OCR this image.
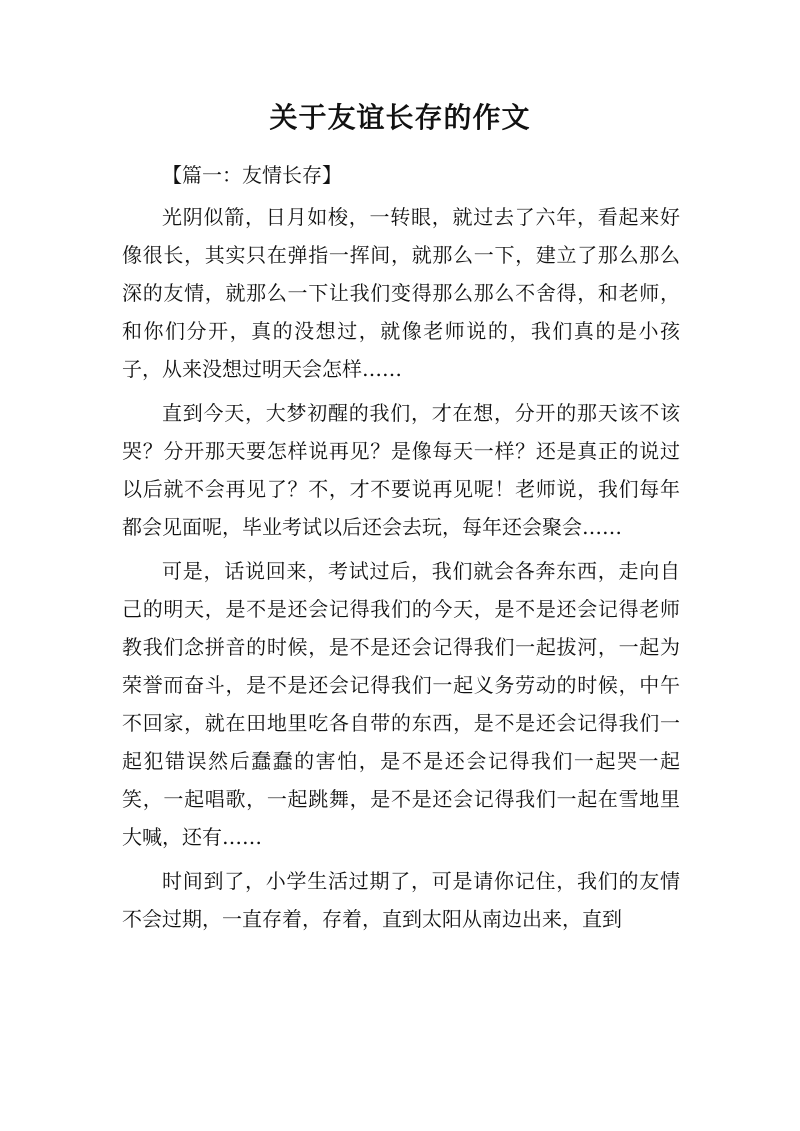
关于友谊长存的作文

【篇一：友情长存】

光阴似箭，日月如梭，一转眼，就过去了六年，看起来好像很长，其实只在弹指一挥间，就那么一下，建立了那么那么深的友情，就那么一下让我们变得那么那么不舍得，和老师，和你们分开，真的没想过，就像老师说的，我们真的是小孩子，从来没想过明天会怎样……

直到今天，大梦初醒的我们，才在想，分开的那天该不该哭？分开那天要怎样说再见？是像每天一样？还是真正的说过以后就不会再见了？不，才不要说再见呢！老师说，我们每年都会见面呢，毕业考试以后还会去玩，每年还会聚会……

可是，话说回来，考试过后，我们就会各奔东西，走向自己的明天，是不是还会记得我们的今天，是不是还会记得老师教我们念拼音的时候，是不是还会记得我们一起拔河，一起为荣誉而奋斗，是不是还会记得我们一起义务劳动的时候，中午不回家，就在田地里吃各自带的东西，是不是还会记得我们一起犯错误然后蠢蠢的害怕，是不是还会记得我们一起哭一起笑，一起唱歌，一起跳舞，是不是还会记得我们一起在雪地里大喊，还有……

时间到了，小学生活过期了，可是请你记住，我们的友情不会过期，一直存着，存着，直到太阳从南边出来，直到
